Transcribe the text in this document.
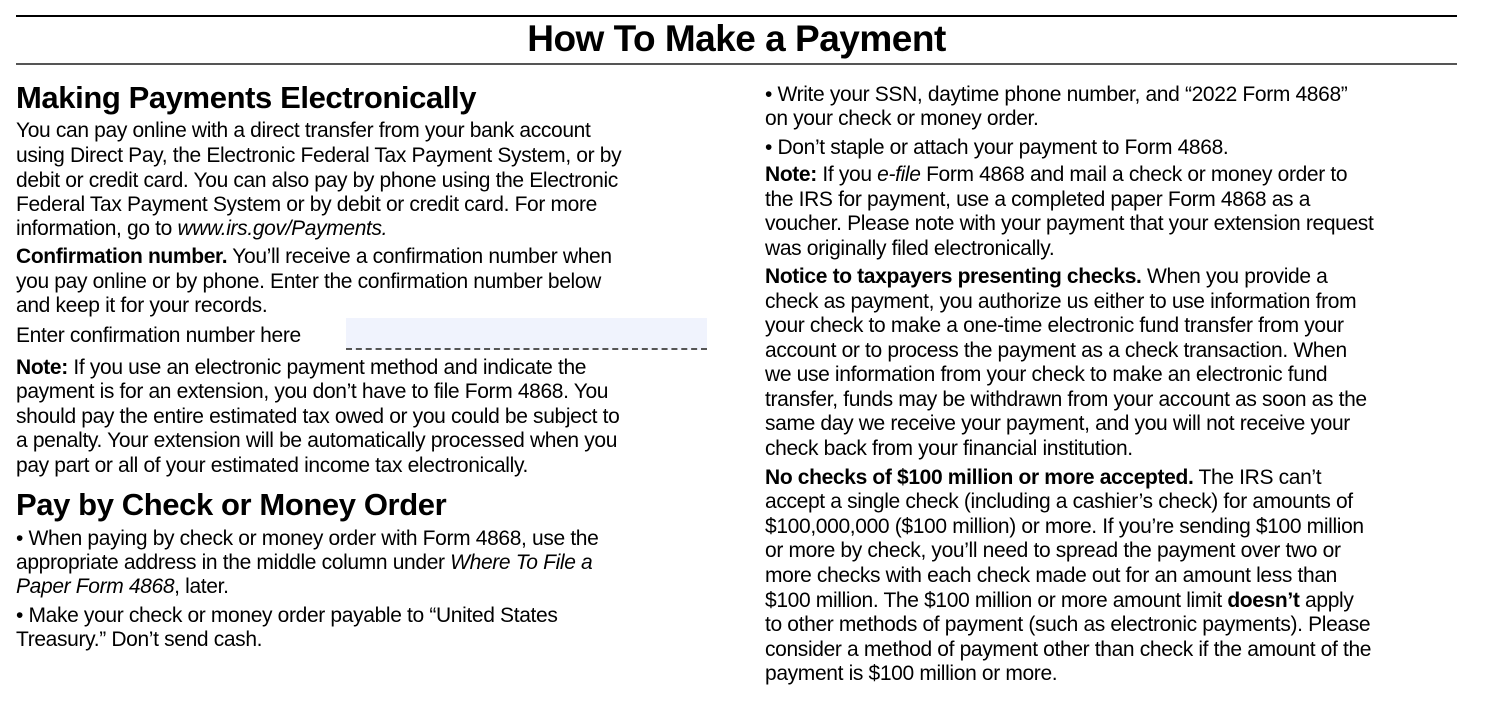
How To Make a Payment
Making Payments Electronically
You can pay online with a direct transfer from your bank account
using Direct Pay, the Electronic Federal Tax Payment System, or by
debit or credit card. You can also pay by phone using the Electronic
Federal Tax Payment System or by debit or credit card. For more
information, go to www.irs.gov/Payments.
Confirmation number. You’ll receive a confirmation number when
you pay online or by phone. Enter the confirmation number below
and keep it for your records.
Enter confirmation number here
Note: If you use an electronic payment method and indicate the
payment is for an extension, you don’t have to file Form 4868. You
should pay the entire estimated tax owed or you could be subject to
a penalty. Your extension will be automatically processed when you
pay part or all of your estimated income tax electronically.
Pay by Check or Money Order
• When paying by check or money order with Form 4868, use the
appropriate address in the middle column under Where To File a
Paper Form 4868, later.
• Make your check or money order payable to “United States
Treasury.” Don’t send cash.
• Write your SSN, daytime phone number, and “2022 Form 4868”
on your check or money order.
• Don’t staple or attach your payment to Form 4868.
Note: If you e-file Form 4868 and mail a check or money order to
the IRS for payment, use a completed paper Form 4868 as a
voucher. Please note with your payment that your extension request
was originally filed electronically.
Notice to taxpayers presenting checks. When you provide a
check as payment, you authorize us either to use information from
your check to make a one-time electronic fund transfer from your
account or to process the payment as a check transaction. When
we use information from your check to make an electronic fund
transfer, funds may be withdrawn from your account as soon as the
same day we receive your payment, and you will not receive your
check back from your financial institution.
No checks of $100 million or more accepted. The IRS can’t
accept a single check (including a cashier’s check) for amounts of
$100,000,000 ($100 million) or more. If you’re sending $100 million
or more by check, you’ll need to spread the payment over two or
more checks with each check made out for an amount less than
$100 million. The $100 million or more amount limit doesn’t apply
to other methods of payment (such as electronic payments). Please
consider a method of payment other than check if the amount of the
payment is $100 million or more.
